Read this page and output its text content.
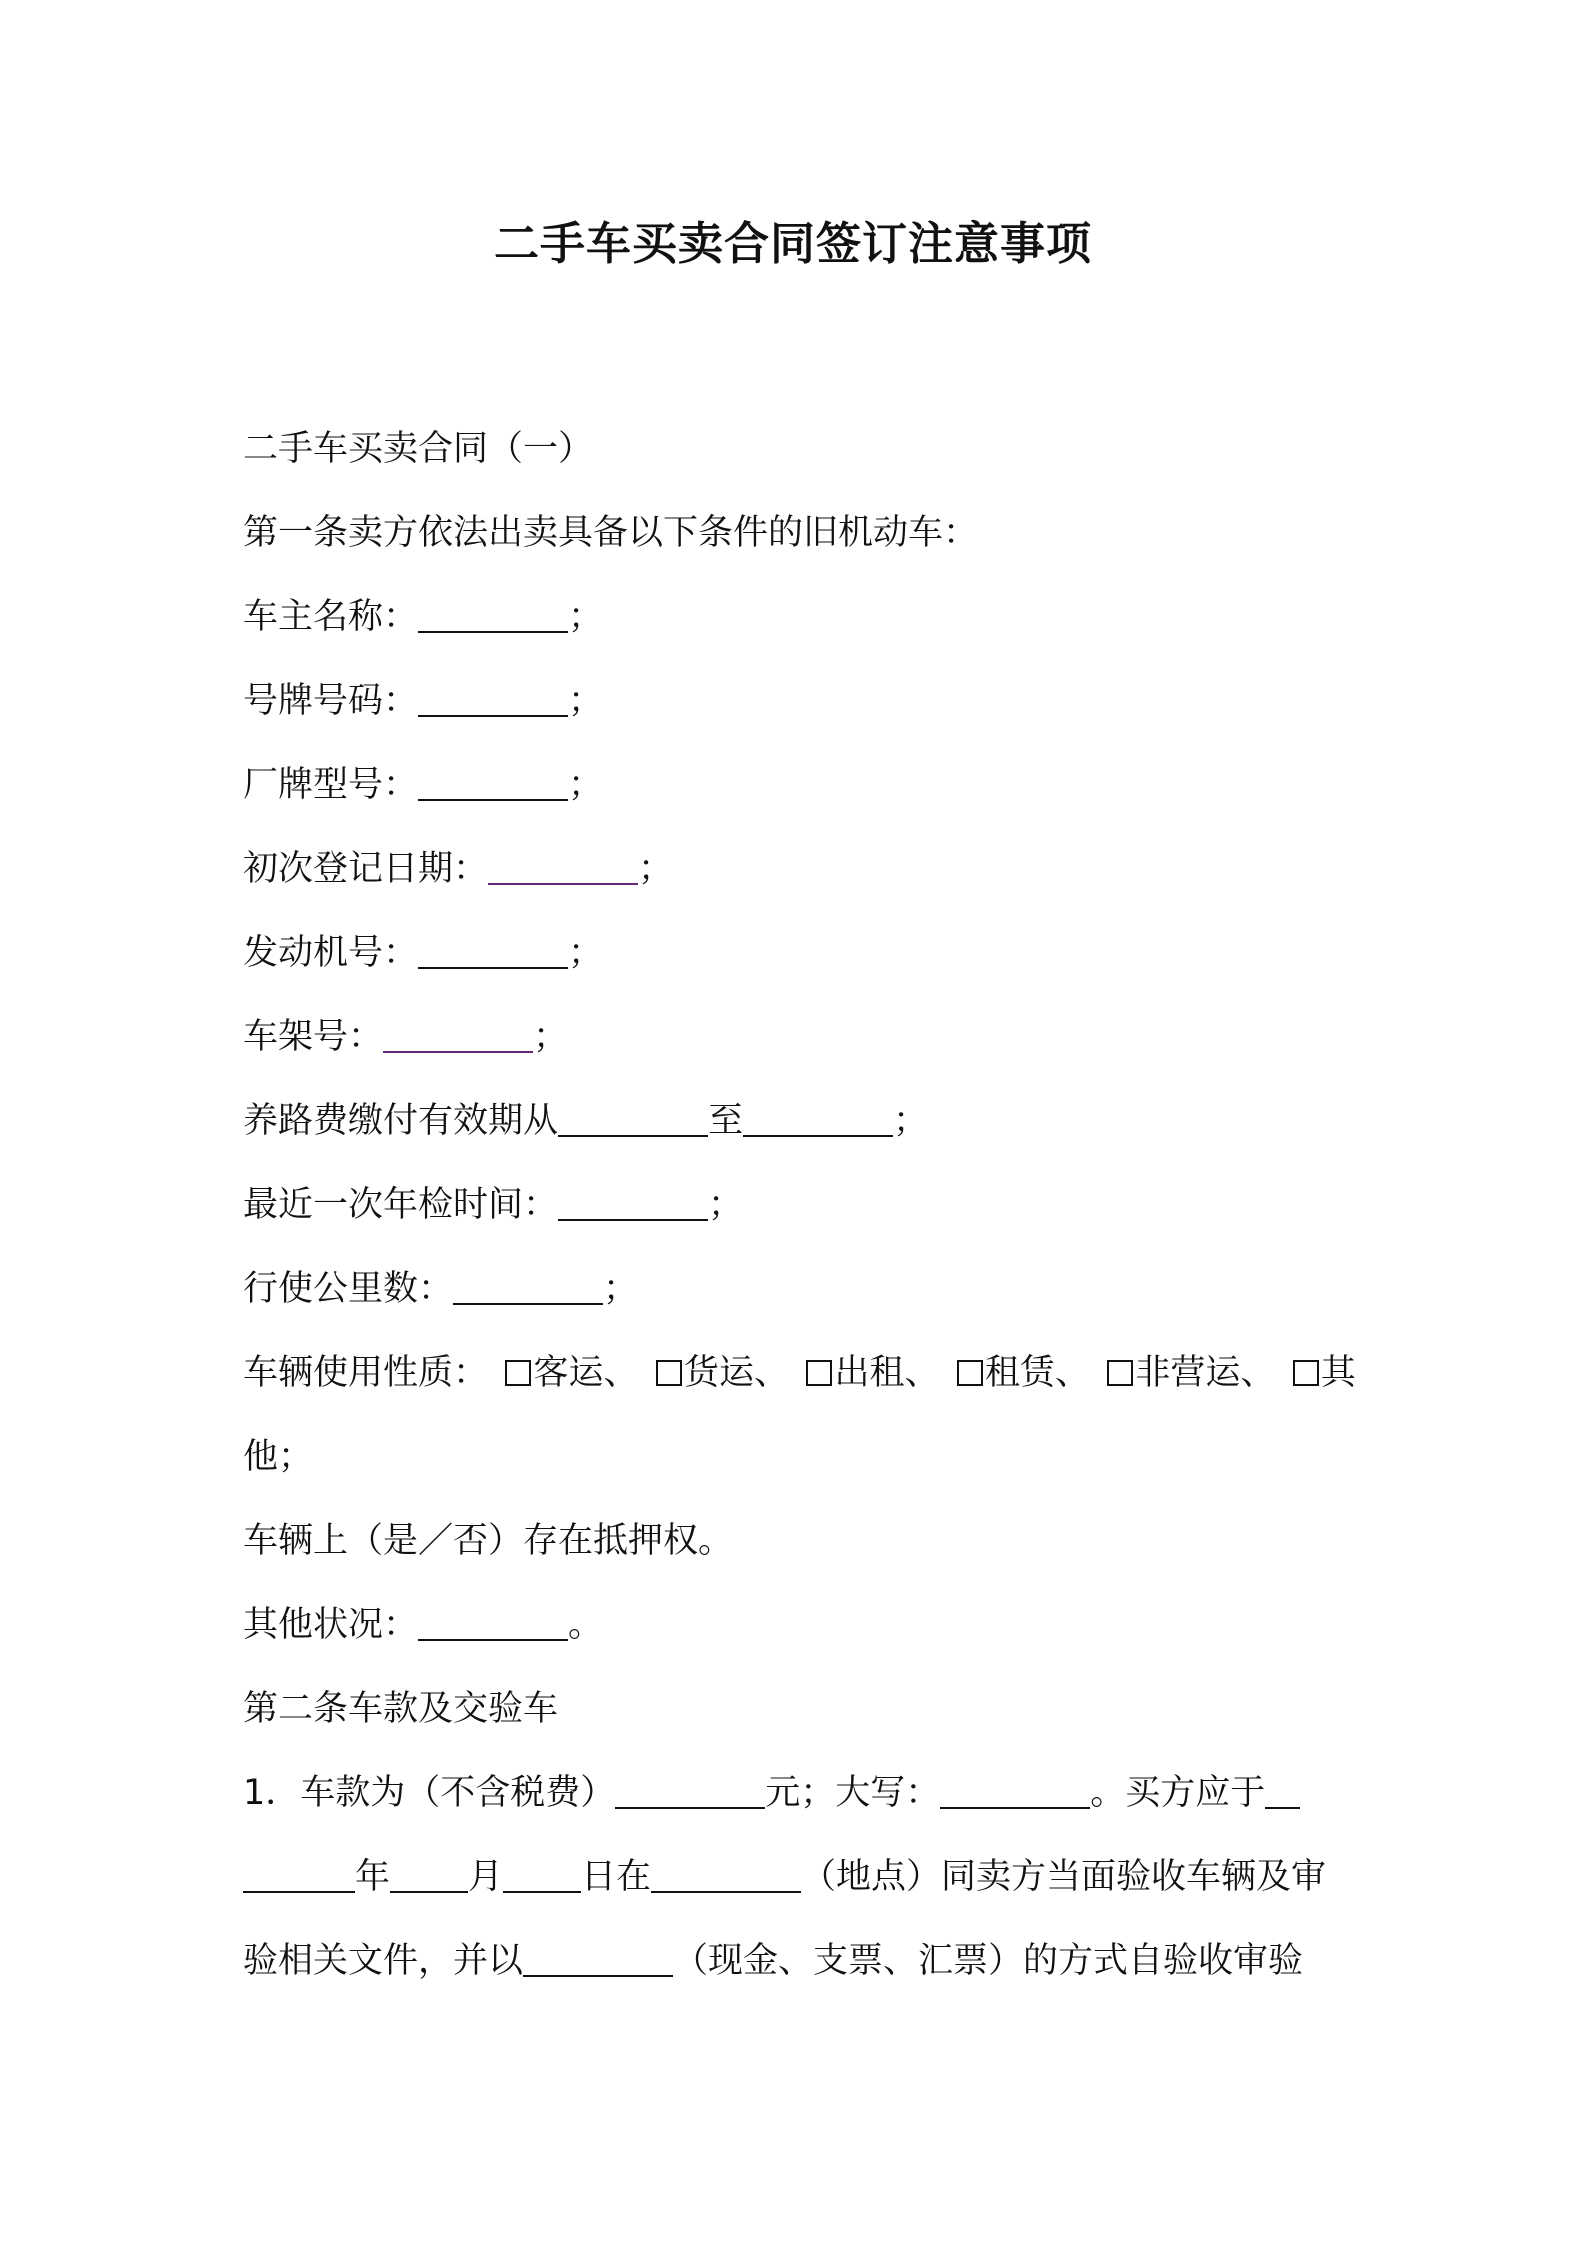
二手车买卖合同签订注意事项
二手车买卖合同（一）
第一条卖方依法出卖具备以下条件的旧机动车：
车主名称：	；
号牌号码：	；
厂牌型号：	；
初次登记日期：	；
发动机号：	；
车架号：	；
养路费缴付有效期从	至	；
最近一次年检时间：	；
行使公里数：	；
车辆使用性质：	客运、	货运、	出租、	租赁、	非营运、	其
他；
车辆上（是／否）存在抵押权。
其他状况：	。
第二条车款及交验车
1．车款为（不含税费）	元；大写：	。买方应于
年 月 日在	（地点）同卖方当面验收车辆及审
验相关文件，并以	（现金、支票、汇票）的方式自验收审验
